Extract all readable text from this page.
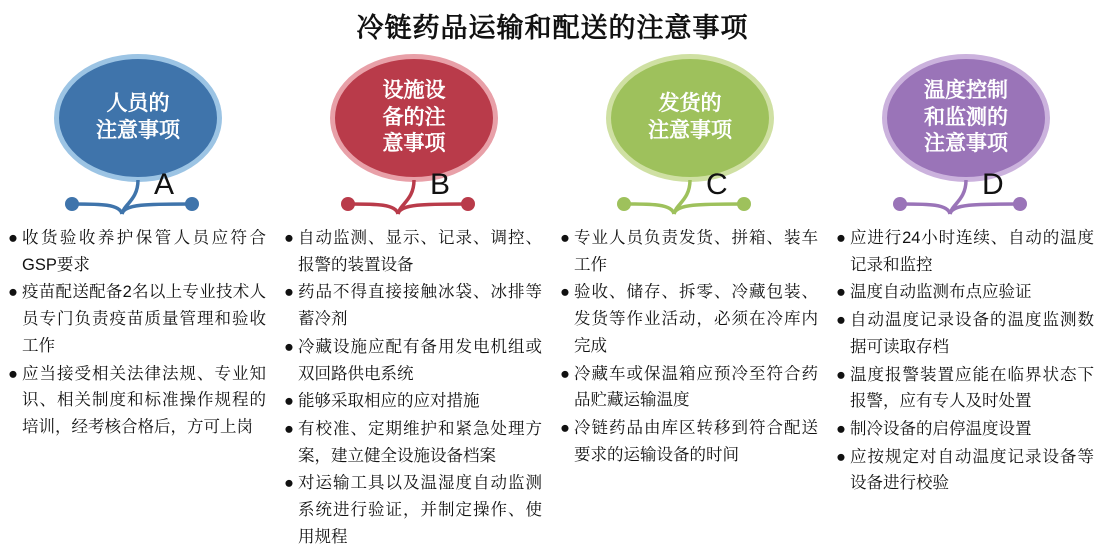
冷链药品运输和配送的注意事项
人员的
注意事项
A
● 收货验收养护保管人员应符合GSP要求
● 疫苗配送配备2名以上专业技术人员专门负责疫苗质量管理和验收工作
● 应当接受相关法律法规、专业知识、相关制度和标准操作规程的培训，经考核合格后，方可上岗
设施设
备的注
意事项
B
● 自动监测、显示、记录、调控、报警的装置设备
● 药品不得直接接触冰袋、冰排等蓄冷剂
● 冷藏设施应配有备用发电机组或双回路供电系统
● 能够采取相应的应对措施
● 有校准、定期维护和紧急处理方案，建立健全设施设备档案
● 对运输工具以及温湿度自动监测系统进行验证，并制定操作、使用规程
发货的
注意事项
C
● 专业人员负责发货、拼箱、装车工作
● 验收、储存、拆零、冷藏包装、发货等作业活动，必须在冷库内完成
● 冷藏车或保温箱应预冷至符合药品贮藏运输温度
● 冷链药品由库区转移到符合配送要求的运输设备的时间
温度控制
和监测的
注意事项
D
● 应进行24小时连续、自动的温度记录和监控
● 温度自动监测布点应验证
● 自动温度记录设备的温度监测数据可读取存档
● 温度报警装置应能在临界状态下报警，应有专人及时处置
● 制冷设备的启停温度设置
● 应按规定对自动温度记录设备等设备进行校验
